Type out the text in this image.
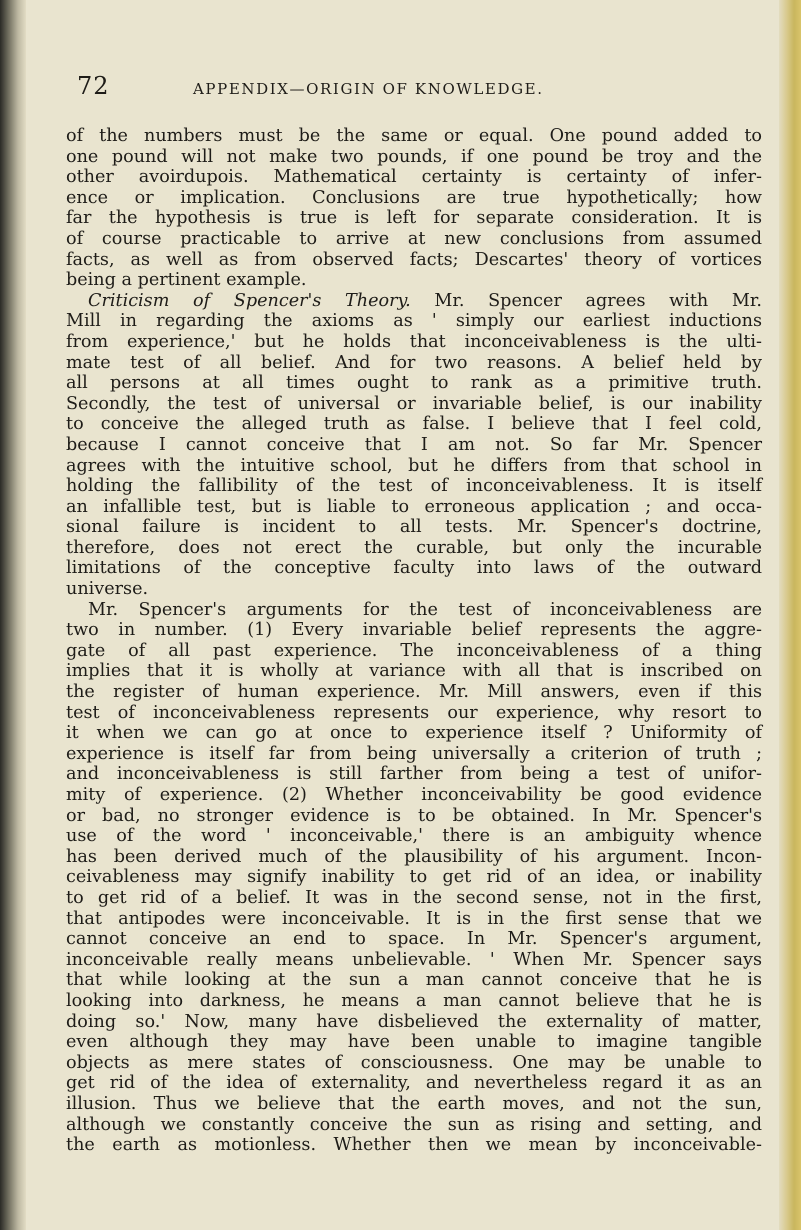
72	APPENDIX—ORIGIN OF KNOWLEDGE.
of the numbers must be the same or equal. One pound added to
one pound will not make two pounds, if one pound be troy and the
other avoirdupois. Mathematical certainty is certainty of infer-
ence or implication. Conclusions are true hypothetically; how
far the hypothesis is true is left for separate consideration. It is
of course practicable to arrive at new conclusions from assumed
facts, as well as from observed facts; Descartes' theory of vortices
being a pertinent example.
Criticism of Spencer's Theory. Mr. Spencer agrees with Mr.
Mill in regarding the axioms as ' simply our earliest inductions
from experience,' but he holds that inconceivableness is the ulti-
mate test of all belief. And for two reasons. A belief held by
all persons at all times ought to rank as a primitive truth.
Secondly, the test of universal or invariable belief, is our inability
to conceive the alleged truth as false. I believe that I feel cold,
because I cannot conceive that I am not. So far Mr. Spencer
agrees with the intuitive school, but he differs from that school in
holding the fallibility of the test of inconceivableness. It is itself
an infallible test, but is liable to erroneous application ; and occa-
sional failure is incident to all tests. Mr. Spencer's doctrine,
therefore, does not erect the curable, but only the incurable
limitations of the conceptive faculty into laws of the outward
universe.
Mr. Spencer's arguments for the test of inconceivableness are
two in number. (1) Every invariable belief represents the aggre-
gate of all past experience. The inconceivableness of a thing
implies that it is wholly at variance with all that is inscribed on
the register of human experience. Mr. Mill answers, even if this
test of inconceivableness represents our experience, why resort to
it when we can go at once to experience itself ? Uniformity of
experience is itself far from being universally a criterion of truth ;
and inconceivableness is still farther from being a test of unifor-
mity of experience. (2) Whether inconceivability be good evidence
or bad, no stronger evidence is to be obtained. In Mr. Spencer's
use of the word ' inconceivable,' there is an ambiguity whence
has been derived much of the plausibility of his argument. Incon-
ceivableness may signify inability to get rid of an idea, or inability
to get rid of a belief. It was in the second sense, not in the first,
that antipodes were inconceivable. It is in the first sense that we
cannot conceive an end to space. In Mr. Spencer's argument,
inconceivable really means unbelievable. ' When Mr. Spencer says
that while looking at the sun a man cannot conceive that he is
looking into darkness, he means a man cannot believe that he is
doing so.' Now, many have disbelieved the externality of matter,
even although they may have been unable to imagine tangible
objects as mere states of consciousness. One may be unable to
get rid of the idea of externality, and nevertheless regard it as an
illusion. Thus we believe that the earth moves, and not the sun,
although we constantly conceive the sun as rising and setting, and
the earth as motionless. Whether then we mean by inconceivable-
